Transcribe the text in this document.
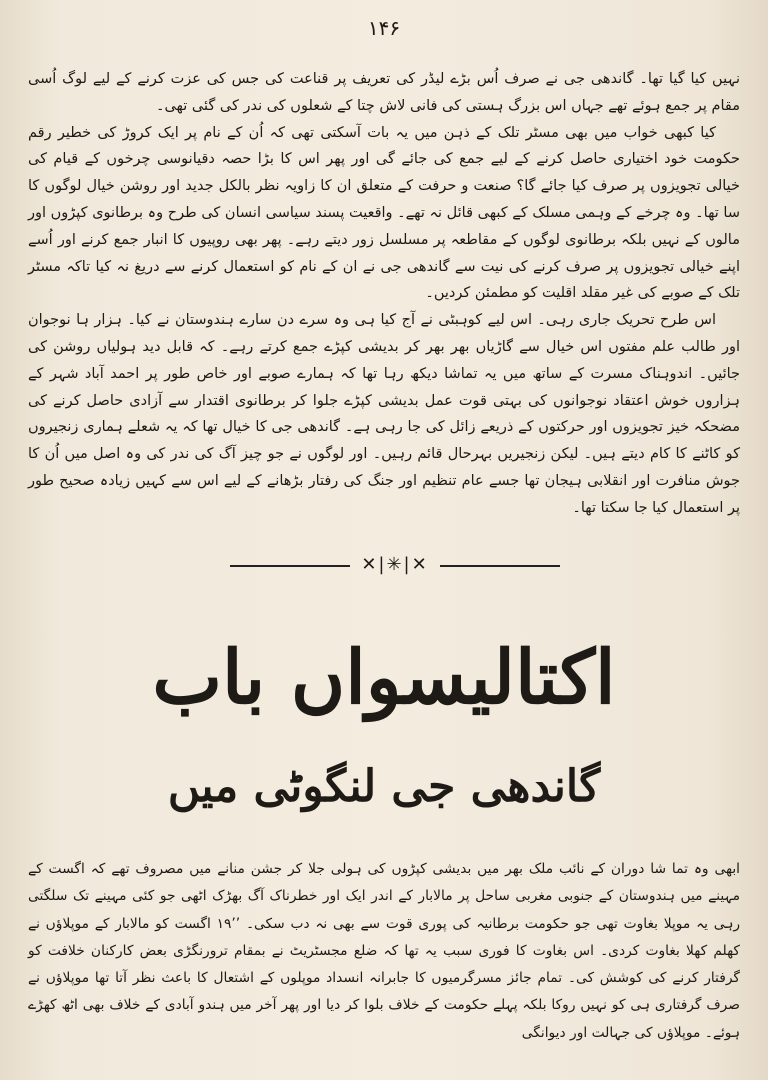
۱۴۶

نہیں کیا گیا تھا۔ گاندھی جی نے صرف اُس بڑے لیڈر کی تعریف پر قناعت کی جس کی عزت کرنے کے لیے لوگ اُسی مقام پر جمع ہوئے تھے جہاں اس بزرگ ہستی کی فانی لاش چتا کے شعلوں کی ندر کی گئی تھی۔

کیا کبھی خواب میں بھی مسٹر تلک کے ذہن میں یہ بات آسکتی تھی کہ اُن کے نام پر ایک کروڑ کی خطیر رقم حکومت خود اختیاری حاصل کرنے کے لیے جمع کی جائے گی اور پھر اس کا بڑا حصہ دقیانوسی چرخوں کے قیام کی خیالی تجویزوں پر صرف کیا جائے گا؟ صنعت و حرفت کے متعلق ان کا زاویہ نظر بالکل جدید اور روشن خیال لوگوں کا سا تھا۔ وہ چرخے کے وہمی مسلک کے کبھی قائل نہ تھے۔ واقعیت پسند سیاسی انسان کی طرح وہ برطانوی کپڑوں اور مالوں کے نہیں بلکہ برطانوی لوگوں کے مقاطعہ پر مسلسل زور دیتے رہے۔ پھر بھی روپیوں کا انبار جمع کرنے اور اُسے اپنے خیالی تجویزوں پر صرف کرنے کی نیت سے گاندھی جی نے ان کے نام کو استعمال کرنے سے دریغ نہ کیا تاکہ مسٹر تلک کے صوبے کی غیر مقلد اقلیت کو مطمئن کردیں۔

اس طرح تحریک جاری رہی۔ اس لیے کوہبٹی نے آج کیا ہی وہ سرے دن سارے ہندوستان نے کیا۔ ہزار ہا نوجوان اور طالب علم مفتوں اس خیال سے گاڑیاں بھر بھر کر بدیشی کپڑے جمع کرتے رہے۔ کہ قابل دید ہولیاں روشن کی جائیں۔ اندوہناک مسرت کے ساتھ میں یہ تماشا دیکھ رہا تھا کہ ہمارے صوبے اور خاص طور پر احمد آباد شہر کے ہزاروں خوش اعتقاد نوجوانوں کی بہتی قوت عمل بدیشی کپڑے جلوا کر برطانوی اقتدار سے آزادی حاصل کرنے کی مضحکہ خیز تجویزوں اور حرکتوں کے ذریعے زائل کی جا رہی ہے۔ گاندھی جی کا خیال تھا کہ یہ شعلے ہماری زنجیروں کو کاٹنے کا کام دیتے ہیں۔ لیکن زنجیریں بہرحال قائم رہیں۔ اور لوگوں نے جو چیز آگ کی ندر کی وہ اصل میں اُن کا جوش منافرت اور انقلابی ہیجان تھا جسے عام تنظیم اور جنگ کی رفتار بڑھانے کے لیے اس سے کہیں زیادہ صحیح طور پر استعمال کیا جا سکتا تھا۔

✕|✳|✕
اکتالیسواں باب
گاندھی جی لنگوٹی میں

ابھی وہ تما شا دوران کے نائب ملک بھر میں بدیشی کپڑوں کی ہولی جلا کر جشن منانے میں مصروف تھے کہ اگست کے مہینے میں ہندوستان کے جنوبی مغربی ساحل پر مالابار کے اندر ایک اور خطرناک آگ بھڑک اٹھی جو کئی مہینے تک سلگتی رہی یہ موپلا بغاوت تھی جو حکومت برطانیہ کی پوری قوت سے بھی نہ دب سکی۔ ’’۱۹ اگست کو مالابار کے موپلاؤں نے کھلم کھلا بغاوت کردی۔ اس بغاوت کا فوری سبب یہ تھا کہ ضلع مجسٹریٹ نے بمقام ترورنگڑی بعض کارکنان خلافت کو گرفتار کرنے کی کوشش کی۔ تمام جائز مسرگرمیوں کا جابرانہ انسداد موپلوں کے اشتعال کا باعث نظر آتا تھا موپلاؤں نے صرف گرفتاری ہی کو نہیں روکا بلکہ پہلے حکومت کے خلاف بلوا کر دیا اور پھر آخر میں ہندو آبادی کے خلاف بھی اٹھ کھڑے ہوئے۔ موپلاؤں کی جہالت اور دیوانگی
